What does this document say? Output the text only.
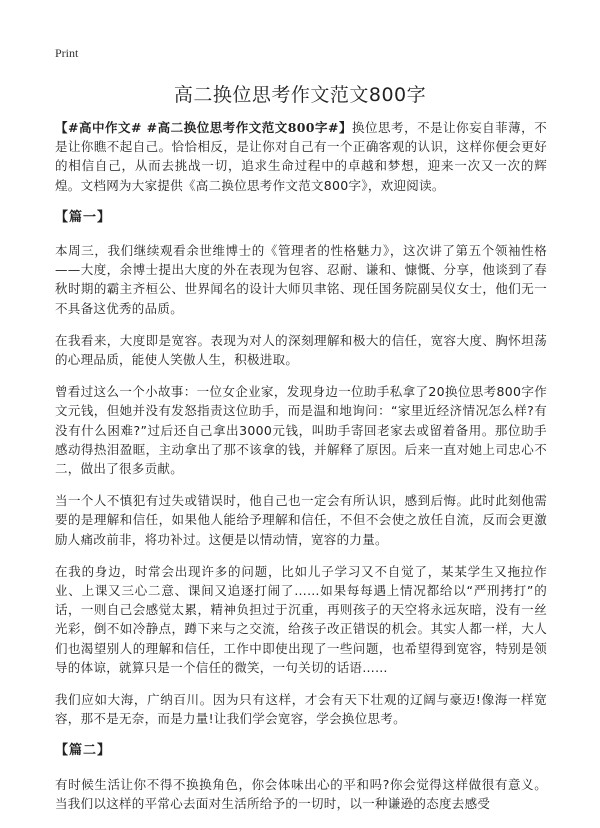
Print
高二换位思考作文范文800字

【#高中作文# #高二换位思考作文范文800字#】换位思考，不是让你妄自菲薄，不是让你瞧不起自己。恰恰相反，是让你对自己有一个正确客观的认识，这样你便会更好的相信自己，从而去挑战一切，追求生命过程中的卓越和梦想，迎来一次又一次的辉煌。文档网为大家提供《高二换位思考作文范文800字》，欢迎阅读。

【篇一】

本周三，我们继续观看余世维博士的《管理者的性格魅力》，这次讲了第五个领袖性格——大度，余博士提出大度的外在表现为包容、忍耐、谦和、慷慨、分享，他谈到了春秋时期的霸主齐桓公、世界闻名的设计大师贝聿铭、现任国务院副吴仪女士，他们无一不具备这优秀的品质。

在我看来，大度即是宽容。表现为对人的深刻理解和极大的信任，宽容大度、胸怀坦荡的心理品质，能使人笑傲人生，积极进取。

曾看过这么一个小故事：一位女企业家，发现身边一位助手私拿了20换位思考800字作文元钱，但她并没有发怒指责这位助手，而是温和地询问：“家里近经济情况怎么样?有没有什么困难?”过后还自己拿出3000元钱，叫助手寄回老家去或留着备用。那位助手感动得热泪盈眶，主动拿出了那不该拿的钱，并解释了原因。后来一直对她上司忠心不二，做出了很多贡献。

当一个人不慎犯有过失或错误时，他自己也一定会有所认识，感到后悔。此时此刻他需要的是理解和信任，如果他人能给予理解和信任，不但不会使之放任自流，反而会更激励人痛改前非，将功补过。这便是以情动情，宽容的力量。

在我的身边，时常会出现许多的问题，比如儿子学习又不自觉了，某某学生又拖拉作业、上课又三心二意、课间又追逐打闹了……如果每每遇上情况都给以“严刑拷打”的话，一则自己会感觉太累，精神负担过于沉重，再则孩子的天空将永远灰暗，没有一丝光彩，倒不如冷静点，蹲下来与之交流，给孩子改正错误的机会。其实人都一样，大人们也渴望别人的理解和信任，工作中即使出现了一些问题，也希望得到宽容，特别是领导的体谅，就算只是一个信任的微笑，一句关切的话语……

我们应如大海，广纳百川。因为只有这样，才会有天下壮观的辽阔与豪迈!像海一样宽容，那不是无奈，而是力量!让我们学会宽容，学会换位思考。

【篇二】

有时候生活让你不得不换换角色，你会体味出心的平和吗?你会觉得这样做很有意义。当我们以这样的平常心去面对生活所给予的一切时，以一种谦逊的态度去感受
